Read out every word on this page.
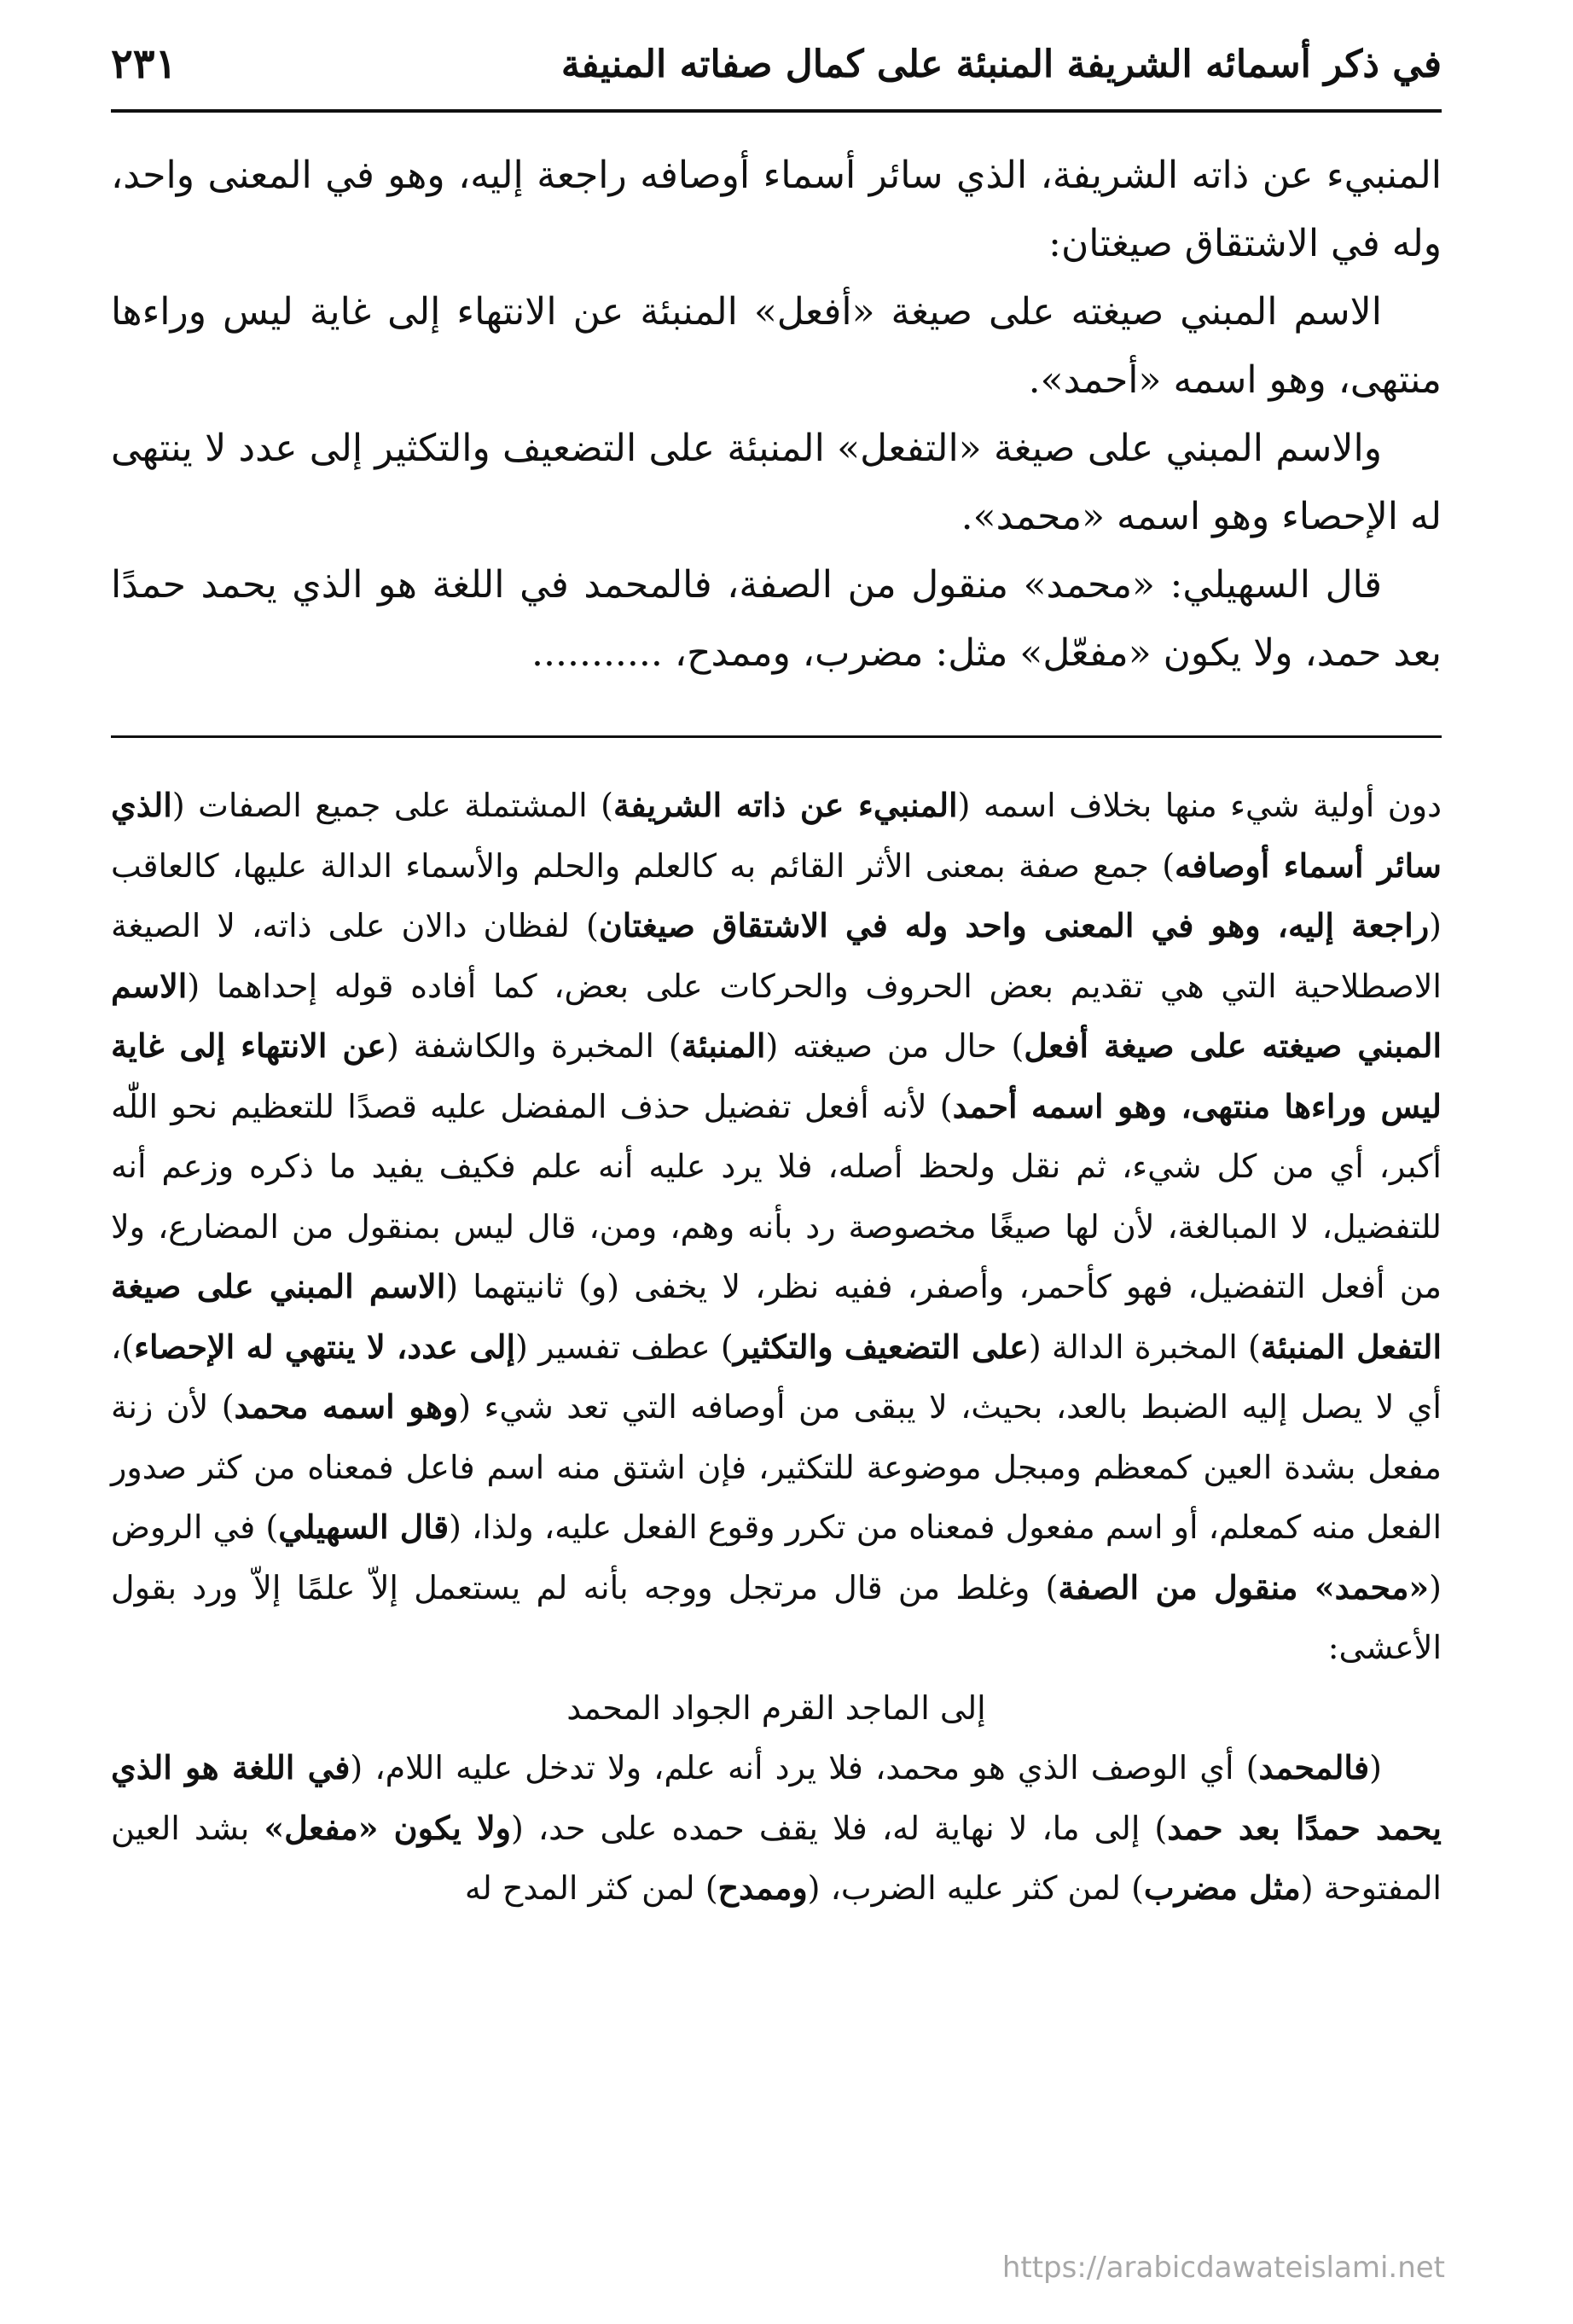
في ذكر أسمائه الشريفة المنبئة على كمال صفاته المنيفة
٢٣١

المنبيء عن ذاته الشريفة، الذي سائر أسماء أوصافه راجعة إليه، وهو في المعنى واحد، وله في الاشتقاق صيغتان:

الاسم المبني صيغته على صيغة «أفعل» المنبئة عن الانتهاء إلى غاية ليس وراءها منتهى، وهو اسمه «أحمد».

والاسم المبني على صيغة «التفعل» المنبئة على التضعيف والتكثير إلى عدد لا ينتهى له الإحصاء وهو اسمه «محمد».

قال السهيلي: «محمد» منقول من الصفة، فالمحمد في اللغة هو الذي يحمد حمدًا بعد حمد، ولا يكون «مفعّل» مثل: مضرب، وممدح، ...........

دون أولية شيء منها بخلاف اسمه (المنبيء عن ذاته الشريفة) المشتملة على جميع الصفات (الذي سائر أسماء أوصافه) جمع صفة بمعنى الأثر القائم به كالعلم والحلم والأسماء الدالة عليها، كالعاقب (راجعة إليه، وهو في المعنى واحد وله في الاشتقاق صيغتان) لفظان دالان على ذاته، لا الصيغة الاصطلاحية التي هي تقديم بعض الحروف والحركات على بعض، كما أفاده قوله إحداهما (الاسم المبني صيغته على صيغة أفعل) حال من صيغته (المنبئة) المخبرة والكاشفة (عن الانتهاء إلى غاية ليس وراءها منتهى، وهو اسمه أحمد) لأنه أفعل تفضيل حذف المفضل عليه قصدًا للتعظيم نحو اللّٰه أكبر، أي من كل شيء، ثم نقل ولحظ أصله، فلا يرد عليه أنه علم فكيف يفيد ما ذكره وزعم أنه للتفضيل، لا المبالغة، لأن لها صيغًا مخصوصة رد بأنه وهم، ومن، قال ليس بمنقول من المضارع، ولا من أفعل التفضيل، فهو كأحمر، وأصفر، ففيه نظر، لا يخفى (و) ثانيتهما (الاسم المبني على صيغة التفعل المنبئة) المخبرة الدالة (على التضعيف والتكثير) عطف تفسير (إلى عدد، لا ينتهي له الإحصاء)، أي لا يصل إليه الضبط بالعد، بحيث، لا يبقى من أوصافه التي تعد شيء (وهو اسمه محمد) لأن زنة مفعل بشدة العين كمعظم ومبجل موضوعة للتكثير، فإن اشتق منه اسم فاعل فمعناه من كثر صدور الفعل منه كمعلم، أو اسم مفعول فمعناه من تكرر وقوع الفعل عليه، ولذا، (قال السهيلي) في الروض («محمد» منقول من الصفة) وغلط من قال مرتجل ووجه بأنه لم يستعمل إلاّ علمًا إلاّ ورد بقول الأعشى:

إلى الماجد القرم الجواد المحمد

(فالمحمد) أي الوصف الذي هو محمد، فلا يرد أنه علم، ولا تدخل عليه اللام، (في اللغة هو الذي يحمد حمدًا بعد حمد) إلى ما، لا نهاية له، فلا يقف حمده على حد، (ولا يكون «مفعل» بشد العين المفتوحة (مثل مضرب) لمن كثر عليه الضرب، (وممدح) لمن كثر المدح له

https://arabicdawateislami.net
